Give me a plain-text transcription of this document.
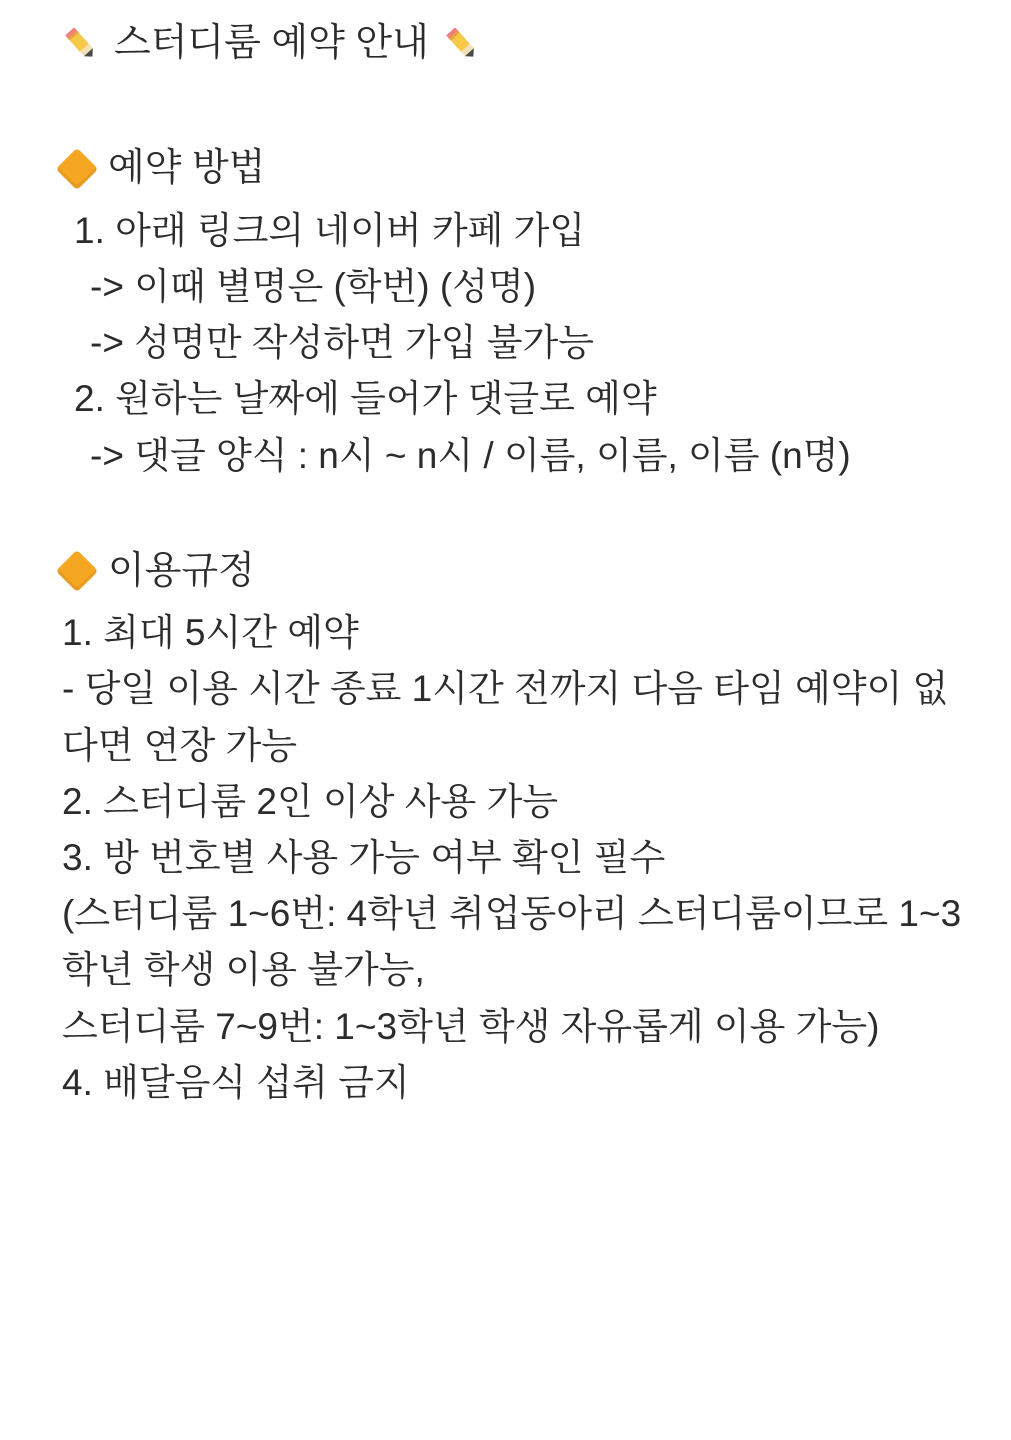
스터디룸 예약 안내
예약 방법
1. 아래 링크의 네이버 카페 가입
-> 이때 별명은 (학번) (성명)
-> 성명만 작성하면 가입 불가능
2. 원하는 날짜에 들어가 댓글로 예약
-> 댓글 양식 : n시 ~ n시 / 이름, 이름, 이름 (n명)
이용규정
1. 최대 5시간 예약
- 당일 이용 시간 종료 1시간 전까지 다음 타임 예약이 없다면 연장 가능
2. 스터디룸 2인 이상 사용 가능
3. 방 번호별 사용 가능 여부 확인 필수
(스터디룸 1~6번: 4학년 취업동아리 스터디룸이므로 1~3학년 학생 이용 불가능,
스터디룸 7~9번: 1~3학년 학생 자유롭게 이용 가능)
4. 배달음식 섭취 금지
